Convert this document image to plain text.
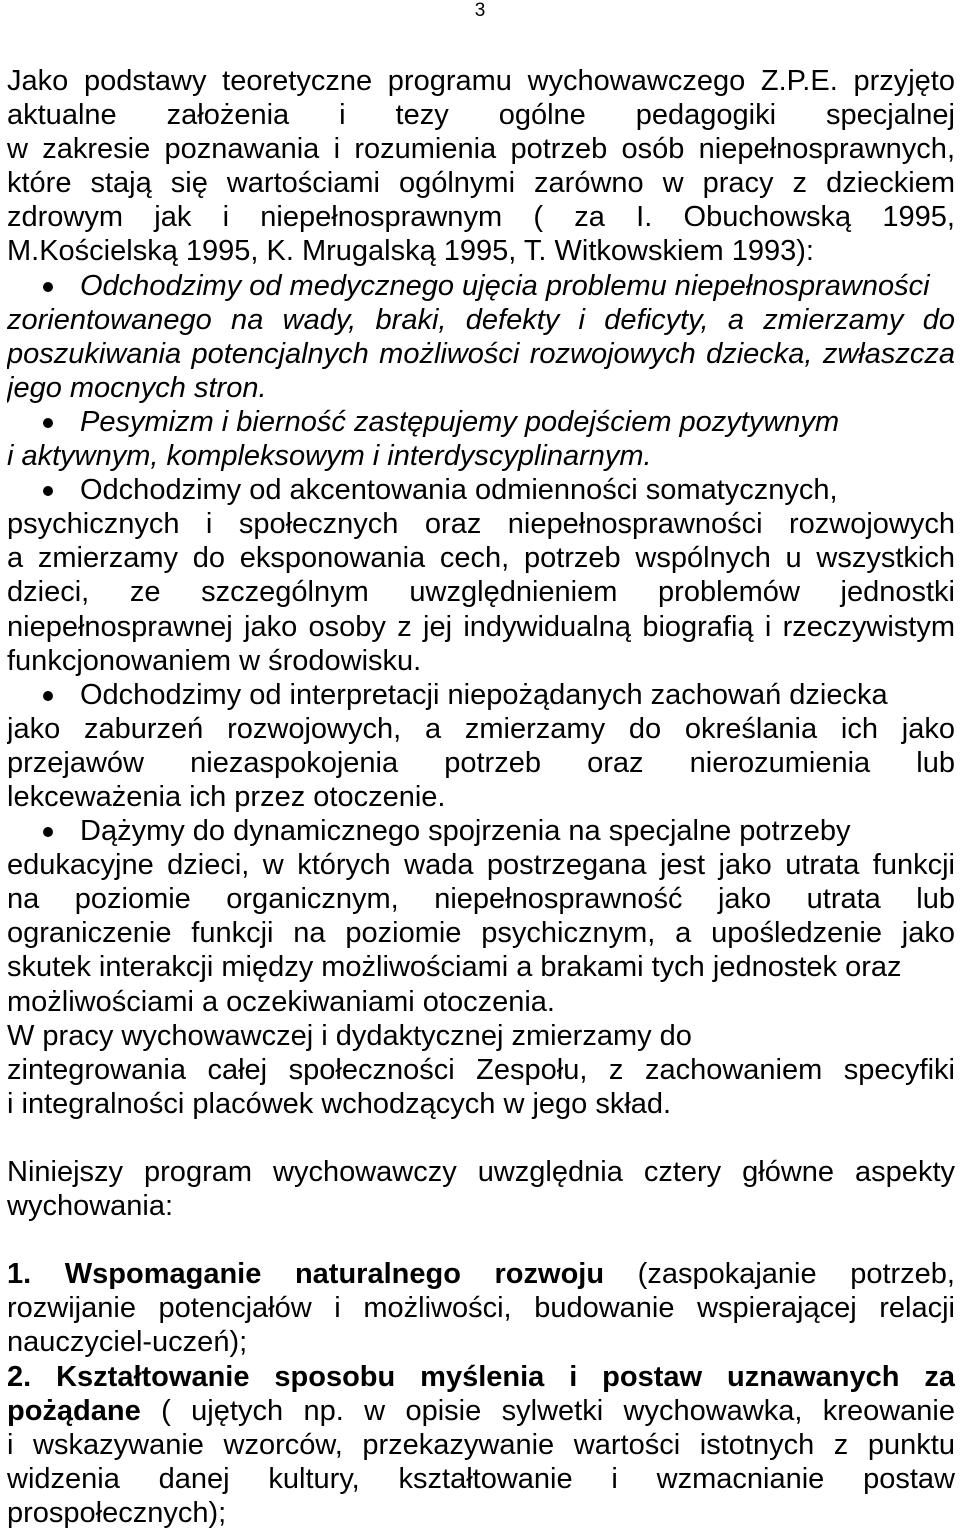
3
Jako podstawy teoretyczne programu wychowawczego Z.P.E. przyjęto
aktualne założenia i tezy ogólne pedagogiki specjalnej
w zakresie poznawania i rozumienia potrzeb osób niepełnosprawnych,
które stają się wartościami ogólnymi zarówno w pracy z dzieckiem
zdrowym jak i niepełnosprawnym ( za I. Obuchowską 1995,
M.Kościelską 1995, K. Mrugalską 1995, T. Witkowskiem 1993):
Odchodzimy od medycznego ujęcia problemu niepełnosprawności
zorientowanego na wady, braki, defekty i deficyty, a zmierzamy do
poszukiwania potencjalnych możliwości rozwojowych dziecka, zwłaszcza
jego mocnych stron.
Pesymizm i bierność zastępujemy podejściem pozytywnym
i aktywnym, kompleksowym i interdyscyplinarnym.
Odchodzimy od akcentowania odmienności somatycznych,
psychicznych i społecznych oraz niepełnosprawności rozwojowych
a zmierzamy do eksponowania cech, potrzeb wspólnych u wszystkich
dzieci, ze szczególnym uwzględnieniem problemów jednostki
niepełnosprawnej jako osoby z jej indywidualną biografią i rzeczywistym
funkcjonowaniem w środowisku.
Odchodzimy od interpretacji niepożądanych zachowań dziecka
jako zaburzeń rozwojowych, a zmierzamy do określania ich jako
przejawów niezaspokojenia potrzeb oraz nierozumienia lub
lekceważenia ich przez otoczenie.
Dążymy do dynamicznego spojrzenia na specjalne potrzeby
edukacyjne dzieci, w których wada postrzegana jest jako utrata funkcji
na poziomie organicznym, niepełnosprawność jako utrata lub
ograniczenie funkcji na poziomie psychicznym, a upośledzenie jako
skutek interakcji między możliwościami a brakami tych jednostek oraz
możliwościami a oczekiwaniami otoczenia.
W pracy wychowawczej i dydaktycznej zmierzamy do
zintegrowania całej społeczności Zespołu, z zachowaniem specyfiki
i integralności placówek wchodzących w jego skład.
Niniejszy program wychowawczy uwzględnia cztery główne aspekty
wychowania:
1. Wspomaganie naturalnego rozwoju (zaspokajanie potrzeb,
rozwijanie potencjałów i możliwości, budowanie wspierającej relacji
nauczyciel-uczeń);
2. Kształtowanie sposobu myślenia i postaw uznawanych za
pożądane ( ujętych np. w opisie sylwetki wychowawka, kreowanie
i wskazywanie wzorców, przekazywanie wartości istotnych z punktu
widzenia danej kultury, kształtowanie i wzmacnianie postaw
prospołecznych);
